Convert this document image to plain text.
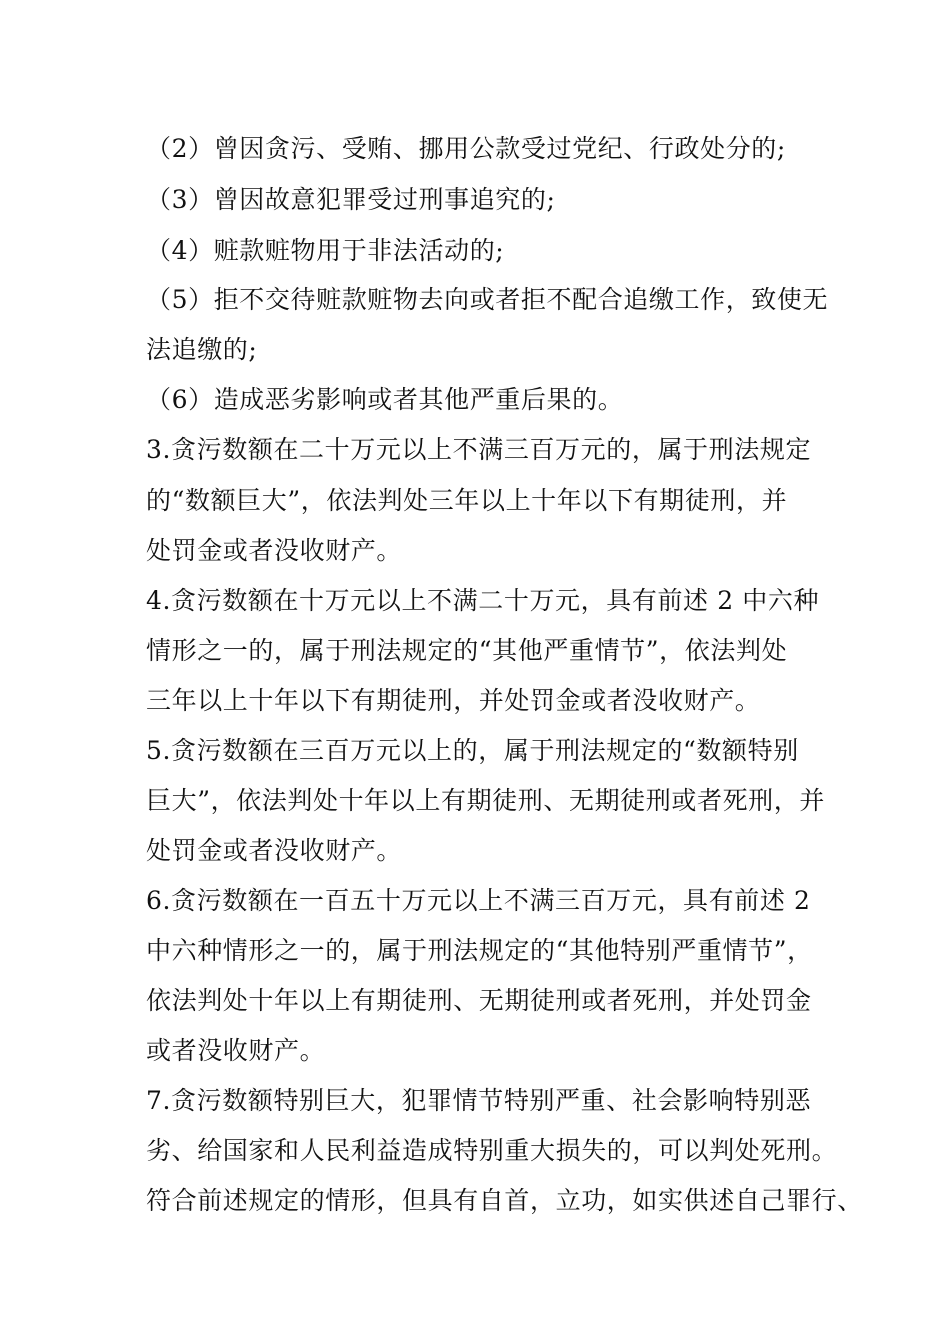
（2）曾因贪污、受贿、挪用公款受过党纪、行政处分的;
（3）曾因故意犯罪受过刑事追究的;
（4）赃款赃物用于非法活动的;
（5）拒不交待赃款赃物去向或者拒不配合追缴工作，致使无
法追缴的;
（6）造成恶劣影响或者其他严重后果的。
3.贪污数额在二十万元以上不满三百万元的，属于刑法规定
的“数额巨大”，依法判处三年以上十年以下有期徒刑，并
处罚金或者没收财产。
4.贪污数额在十万元以上不满二十万元，具有前述 2 中六种
情形之一的，属于刑法规定的“其他严重情节”，依法判处
三年以上十年以下有期徒刑，并处罚金或者没收财产。
5.贪污数额在三百万元以上的，属于刑法规定的“数额特别
巨大”，依法判处十年以上有期徒刑、无期徒刑或者死刑，并
处罚金或者没收财产。
6.贪污数额在一百五十万元以上不满三百万元，具有前述 2
中六种情形之一的，属于刑法规定的“其他特别严重情节”，
依法判处十年以上有期徒刑、无期徒刑或者死刑，并处罚金
或者没收财产。
7.贪污数额特别巨大，犯罪情节特别严重、社会影响特别恶
劣、给国家和人民利益造成特别重大损失的，可以判处死刑。
符合前述规定的情形，但具有自首，立功，如实供述自己罪行、
